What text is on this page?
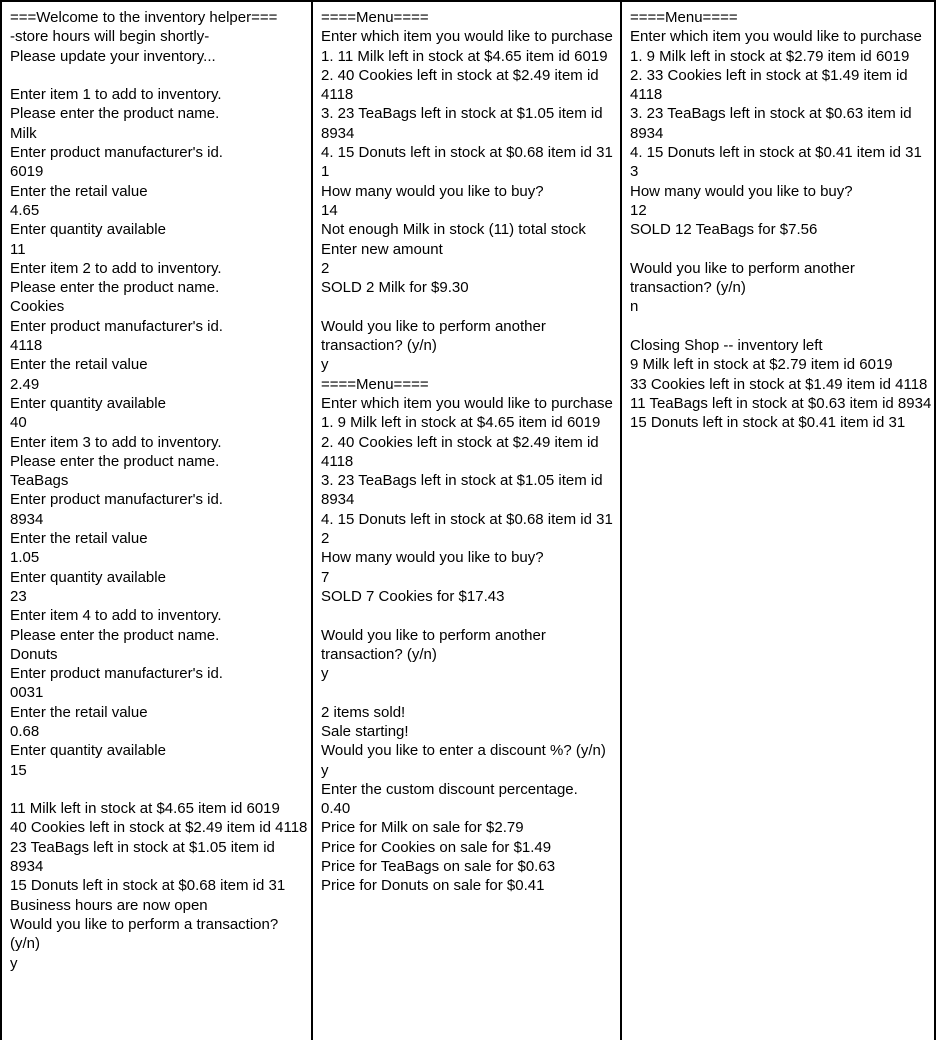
===Welcome to the inventory helper===
-store hours will begin shortly-
Please update your inventory...

Enter item 1 to add to inventory.
Please enter the product name.
Milk
Enter product manufacturer's id.
6019
Enter the retail value
4.65
Enter quantity available
11
Enter item 2 to add to inventory.
Please enter the product name.
Cookies
Enter product manufacturer's id.
4118
Enter the retail value
2.49
Enter quantity available
40
Enter item 3 to add to inventory.
Please enter the product name.
TeaBags
Enter product manufacturer's id.
8934
Enter the retail value
1.05
Enter quantity available
23
Enter item 4 to add to inventory.
Please enter the product name.
Donuts
Enter product manufacturer's id.
0031
Enter the retail value
0.68
Enter quantity available
15

11 Milk left in stock at $4.65 item id 6019
40 Cookies left in stock at $2.49 item id 4118
23 TeaBags left in stock at $1.05 item id 8934
15 Donuts left in stock at $0.68 item id 31
Business hours are now open
Would you like to perform a transaction? (y/n)
y
====Menu====
Enter which item you would like to purchase
1. 11 Milk left in stock at $4.65 item id 6019
2. 40 Cookies left in stock at $2.49 item id 4118
3. 23 TeaBags left in stock at $1.05 item id 8934
4. 15 Donuts left in stock at $0.68 item id 31
1
How many would you like to buy?
14
Not enough Milk in stock (11) total stock
Enter new amount
2
SOLD 2 Milk for $9.30

Would you like to perform another transaction? (y/n)
y
====Menu====
Enter which item you would like to purchase
1. 9 Milk left in stock at $4.65 item id 6019
2. 40 Cookies left in stock at $2.49 item id 4118
3. 23 TeaBags left in stock at $1.05 item id 8934
4. 15 Donuts left in stock at $0.68 item id 31
2
How many would you like to buy?
7
SOLD 7 Cookies for $17.43

Would you like to perform another transaction? (y/n)
y

2 items sold!
Sale starting!
Would you like to enter a discount %? (y/n)
y
Enter the custom discount percentage.
0.40
Price for Milk on sale for $2.79
Price for Cookies on sale for $1.49
Price for TeaBags on sale for $0.63
Price for Donuts on sale for $0.41
====Menu====
Enter which item you would like to purchase
1. 9 Milk left in stock at $2.79 item id 6019
2. 33 Cookies left in stock at $1.49 item id 4118
3. 23 TeaBags left in stock at $0.63 item id 8934
4. 15 Donuts left in stock at $0.41 item id 31
3
How many would you like to buy?
12
SOLD 12 TeaBags for $7.56

Would you like to perform another transaction? (y/n)
n

Closing Shop -- inventory left
9 Milk left in stock at $2.79 item id 6019
33 Cookies left in stock at $1.49 item id 4118
11 TeaBags left in stock at $0.63 item id 8934
15 Donuts left in stock at $0.41 item id 31
